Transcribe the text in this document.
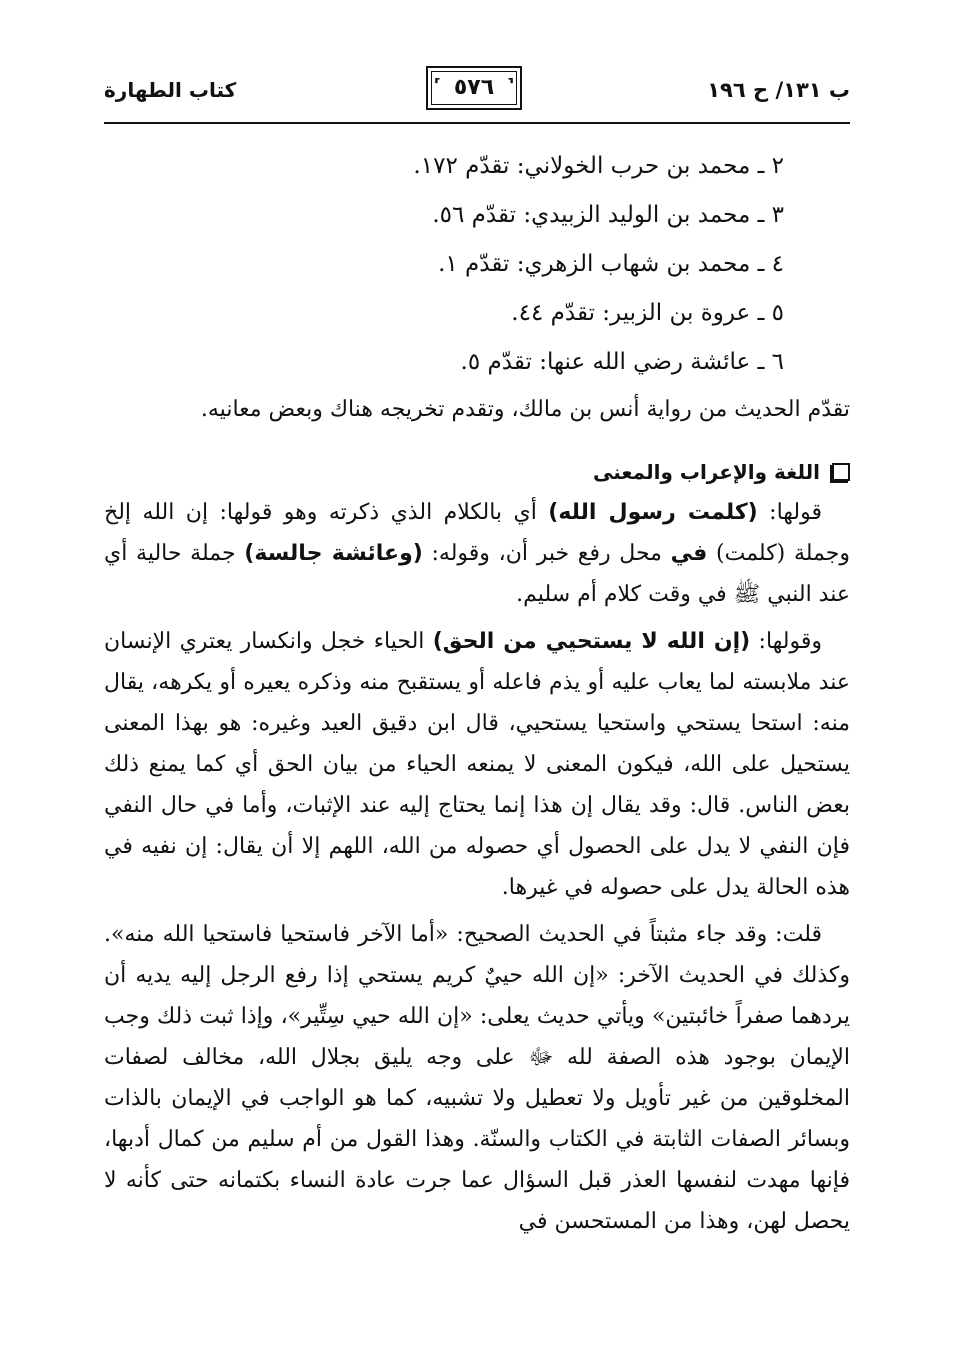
ب ١٣١/ ح ١٩٦
⸢
٥٧٦
⸣
كتاب الطهارة
٢ ـ محمد بن حرب الخولاني: تقدّم ١٧٢.
٣ ـ محمد بن الوليد الزبيدي: تقدّم ٥٦.
٤ ـ محمد بن شهاب الزهري: تقدّم ١.
٥ ـ عروة بن الزبير: تقدّم ٤٤.
٦ ـ عائشة رضي الله عنها: تقدّم ٥.

تقدّم الحديث من رواية أنس بن مالك، وتقدم تخريجه هناك وبعض معانيه.

اللغة والإعراب والمعنى

قولها: (كلمت رسول الله) أي بالكلام الذي ذكرته وهو قولها: إن الله إلخ وجملة (كلمت) في محل رفع خبر أن، وقوله: (وعائشة جالسة) جملة حالية أي عند النبي ﷺ في وقت كلام أم سليم.

وقولها: (إن الله لا يستحيي من الحق) الحياء خجل وانكسار يعتري الإنسان عند ملابسته لما يعاب عليه أو يذم فاعله أو يستقبح منه وذكره يعيره أو يكرهه، يقال منه: استحا يستحي واستحيا يستحيي، قال ابن دقيق العيد وغيره: هو بهذا المعنى يستحيل على الله، فيكون المعنى لا يمنعه الحياء من بيان الحق أي كما يمنع ذلك بعض الناس. قال: وقد يقال إن هذا إنما يحتاج إليه عند الإثبات، وأما في حال النفي فإن النفي لا يدل على الحصول أي حصوله من الله، اللهم إلا أن يقال: إن نفيه في هذه الحالة يدل على حصوله في غيرها.

قلت: وقد جاء مثبتاً في الحديث الصحيح: «أما الآخر فاستحيا فاستحيا الله منه». وكذلك في الحديث الآخر: «إن الله حييٌ كريم يستحي إذا رفع الرجل إليه يديه أن يردهما صفراً خائبتين» ويأتي حديث يعلى: «إن الله حيي سِتِّير»، وإذا ثبت ذلك وجب الإيمان بوجود هذه الصفة لله ﷻ على وجه يليق بجلال الله، مخالف لصفات المخلوقين من غير تأويل ولا تعطيل ولا تشبيه، كما هو الواجب في الإيمان بالذات وبسائر الصفات الثابتة في الكتاب والسنّة. وهذا القول من أم سليم من كمال أدبها، فإنها مهدت لنفسها العذر قبل السؤال عما جرت عادة النساء بكتمانه حتى كأنه لا يحصل لهن، وهذا من المستحسن في
